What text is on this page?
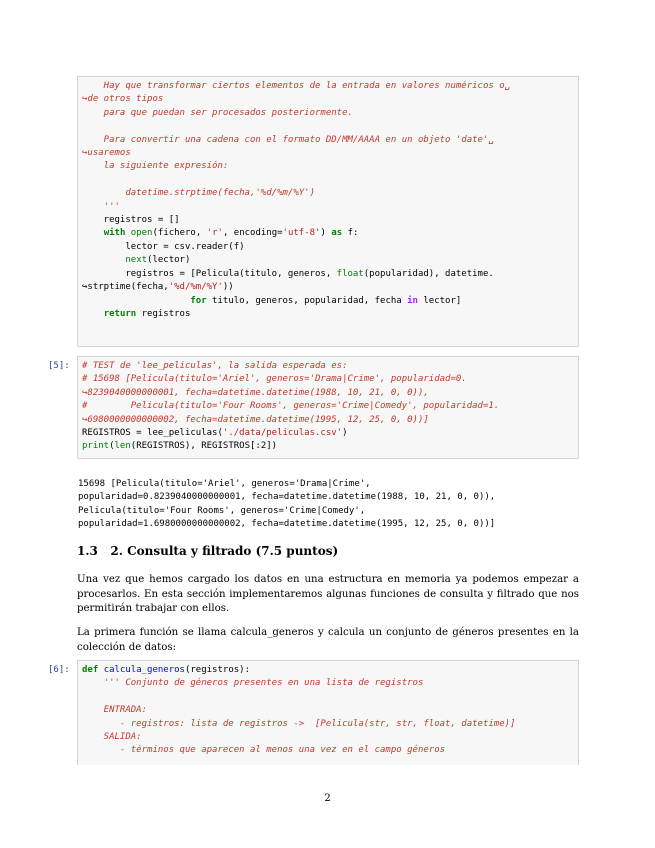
Hay que transformar ciertos elementos de la entrada en valores numéricos o␣
↪de otros tipos
para que puedan ser procesados posteriormente.

Para convertir una cadena con el formato DD/MM/AAAA en un objeto 'date'␣
↪usaremos
la siguiente expresión:

datetime.strptime(fecha,'%d/%m/%Y')
'''
registros = []
with open(fichero, 'r', encoding='utf-8') as f:
lector = csv.reader(f)
next(lector)
registros = [Pelicula(titulo, generos, float(popularidad), datetime.
↪strptime(fecha,'%d/%m/%Y'))
for titulo, generos, popularidad, fecha in lector]
return registros
[5]: # TEST de 'lee_peliculas', la salida esperada es:
# 15698 [Pelicula(titulo='Ariel', generos='Drama|Crime', popularidad=0.
↪8239040000000001, fecha=datetime.datetime(1988, 10, 21, 0, 0)),
#        Pelicula(titulo='Four Rooms', generos='Crime|Comedy', popularidad=1.
↪6980000000000002, fecha=datetime.datetime(1995, 12, 25, 0, 0))]
REGISTROS = lee_peliculas('./data/peliculas.csv')
print(len(REGISTROS), REGISTROS[:2])
15698 [Pelicula(titulo='Ariel', generos='Drama|Crime',
popularidad=0.8239040000000001, fecha=datetime.datetime(1988, 10, 21, 0, 0)),
Pelicula(titulo='Four Rooms', generos='Crime|Comedy',
popularidad=1.6980000000000002, fecha=datetime.datetime(1995, 12, 25, 0, 0))]
1.3   2. Consulta y filtrado (7.5 puntos)
Una vez que hemos cargado los datos en una estructura en memoria ya podemos empezar a procesarlos. En esta sección implementaremos algunas funciones de consulta y filtrado que nos permitirán trabajar con ellos.
La primera función se llama calcula_generos y calcula un conjunto de géneros presentes en la colección de datos:
[6]: def calcula_generos(registros):
''' Conjunto de géneros presentes en una lista de registros

ENTRADA:
- registros: lista de registros ->  [Pelicula(str, str, float, datetime)]
SALIDA:
- términos que aparecen al menos una vez en el campo géneros
2
